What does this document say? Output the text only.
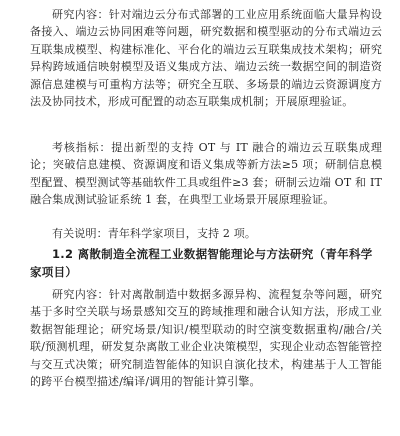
研究内容：针对端边云分布式部署的工业应用系统面临大量异构设备接入、端边云协同困难等问题，研究数据和模型驱动的分布式端边云互联集成模型、构建标准化、平台化的端边云互联集成技术架构；研究异构跨域通信映射模型及语义集成方法、端边云统一数据空间的制造资源信息建模与可重构方法等；研究全互联、多场景的端边云资源调度方法及协同技术，形成可配置的动态互联集成机制；开展原理验证。

考核指标：提出新型的支持 OT 与 IT 融合的端边云互联集成理论；突破信息建模、资源调度和语义集成等新方法≥5 项；研制信息模型配置、模型测试等基础软件工具或组件≥3 套；研制云边端 OT 和 IT 融合集成测试验证系统 1 套，在典型工业场景开展原理验证。

有关说明：青年科学家项目，支持 2 项。

1.2 离散制造全流程工业数据智能理论与方法研究（青年科学家项目）

研究内容：针对离散制造中数据多源异构、流程复杂等问题，研究基于多时空关联与场景感知交互的跨域推理和融合认知方法，形成工业数据智能理论；研究场景/知识/模型联动的时空演变数据重构/融合/关联/预测机理，研发复杂离散工业企业决策模型，实现企业动态智能管控与交互式决策；研究制造智能体的知识自演化技术，构建基于人工智能的跨平台模型描述/编译/调用的智能计算引擎。
